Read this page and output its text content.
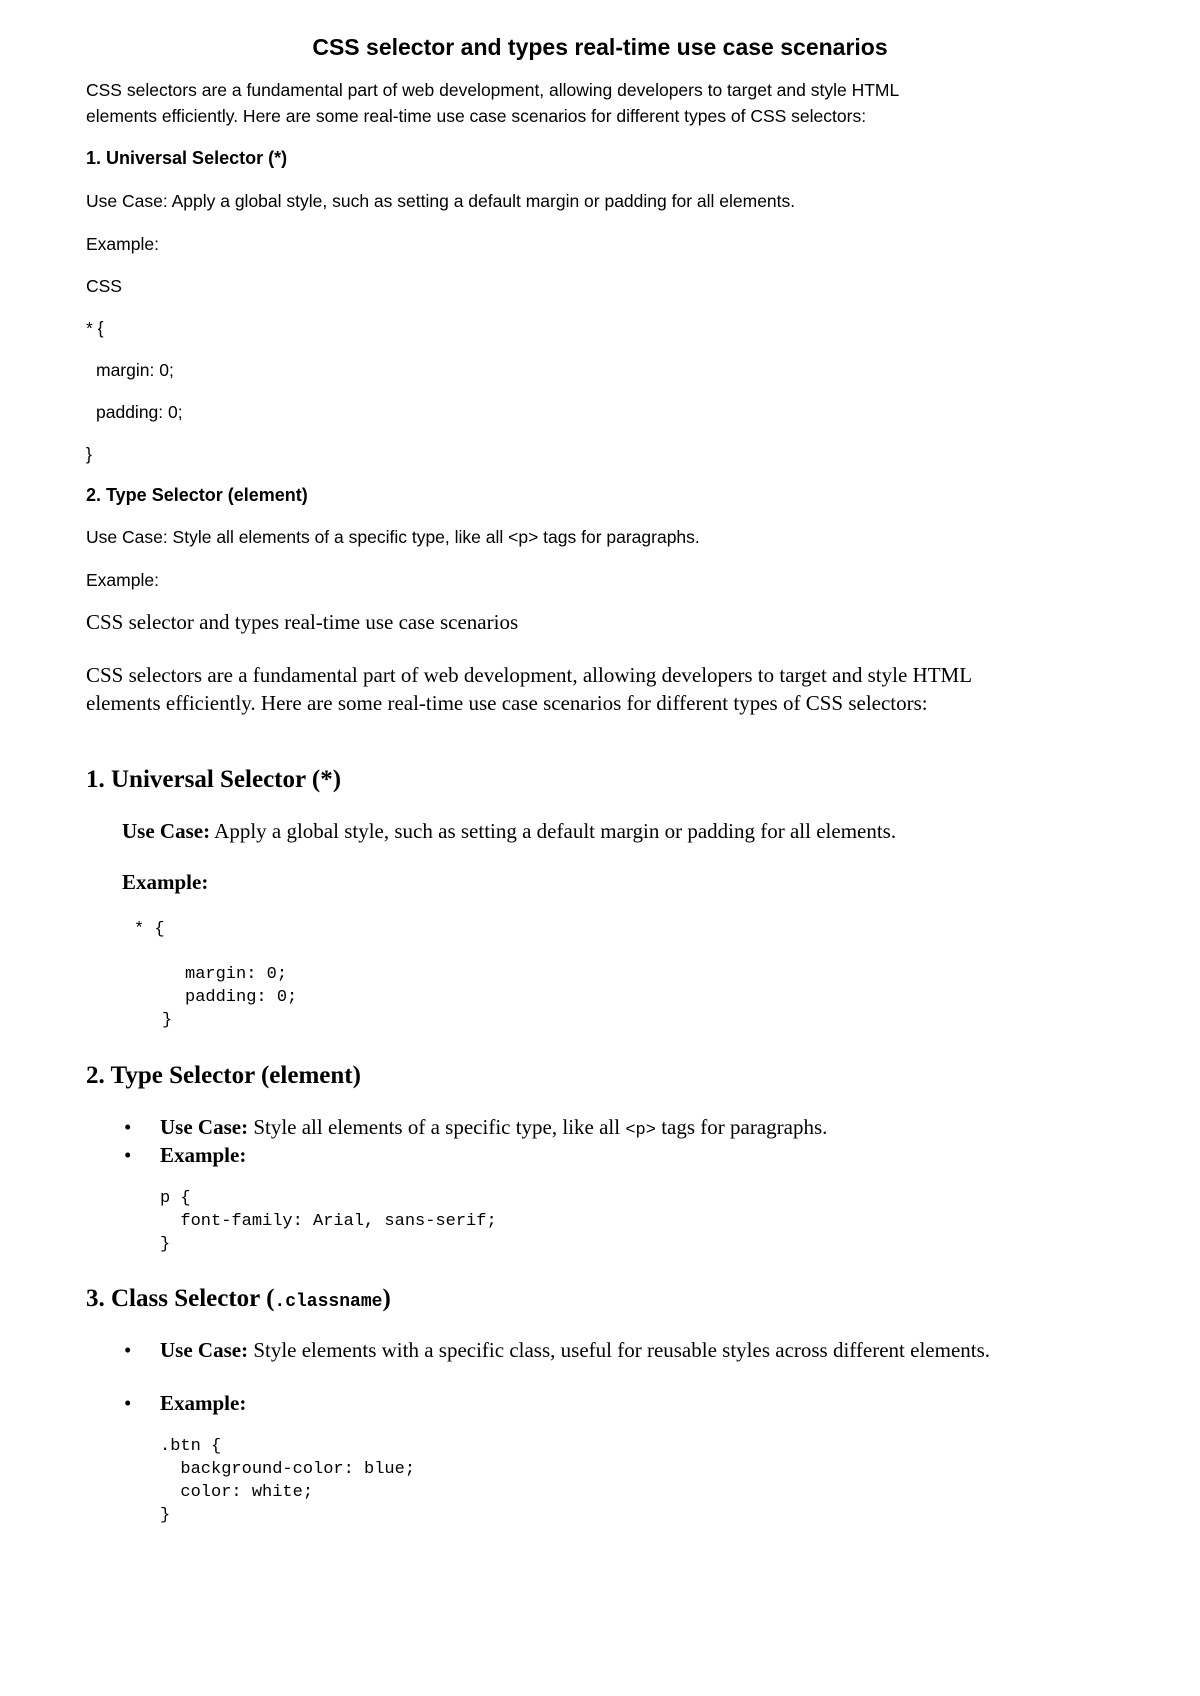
CSS selector and types real-time use case scenarios
CSS selectors are a fundamental part of web development, allowing developers to target and style HTML
elements efficiently. Here are some real-time use case scenarios for different types of CSS selectors:
1. Universal Selector (*)
Use Case: Apply a global style, such as setting a default margin or padding for all elements.
Example:
CSS
* {
margin: 0;
padding: 0;
}
2. Type Selector (element)
Use Case: Style all elements of a specific type, like all <p> tags for paragraphs.
Example:
CSS selector and types real-time use case scenarios
CSS selectors are a fundamental part of web development, allowing developers to target and style HTML elements efficiently. Here are some real-time use case scenarios for different types of CSS selectors:
1. Universal Selector (*)
Use Case: Apply a global style, such as setting a default margin or padding for all elements.
Example:
* {
margin: 0;
padding: 0;
}
2. Type Selector (element)
•	Use Case: Style all elements of a specific type, like all <p> tags for paragraphs.
•	Example:
p {
font-family: Arial, sans-serif;
}
3. Class Selector (.classname)
•	Use Case: Style elements with a specific class, useful for reusable styles across different elements.
•	Example:
.btn {
background-color: blue;
color: white;
}
